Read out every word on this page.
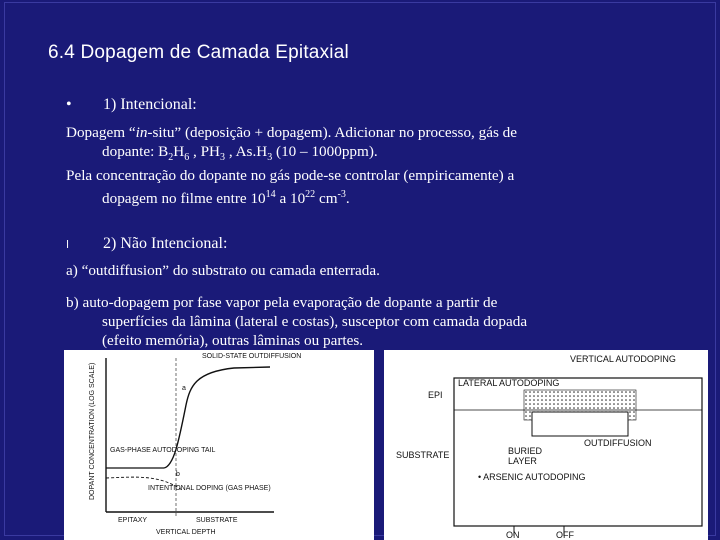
6.4 Dopagem de Camada Epitaxial
• 1) Intencional:
Dopagem “in-situ” (deposição + dopagem). Adicionar no processo, gás de
dopante: $B_2H_6$ , $PH_3$ , $As.H_3$ (10 – 1000ppm).
Pela concentração do dopante no gás pode-se controlar (empiricamente) a
dopagem no filme entre $10^{14}$ a $10^{22}$ $cm^{-3}$.
l 2) Não Intencional:
a) “outdiffusion” do substrato ou camada enterrada.
b) auto-dopagem por fase vapor pela evaporação de dopante a partir de
superfícies da lâmina (lateral e costas), susceptor com camada dopada
(efeito memória), outras lâminas ou partes.
DOPANT CONCENTRATION (LOG SCALE)
SOLID-STATE OUTDIFFUSION
GAS-PHASE AUTODOPING TAIL
INTENTIONAL DOPING (GAS PHASE)
a
b
EPITAXY	SUBSTRATE
VERTICAL DEPTH
VERTICAL AUTODOPING
LATERAL AUTODOPING
EPI
SUBSTRATE
OUTDIFFUSION
BURIED
LAYER
• ARSENIC AUTODOPING
ON	OFF
